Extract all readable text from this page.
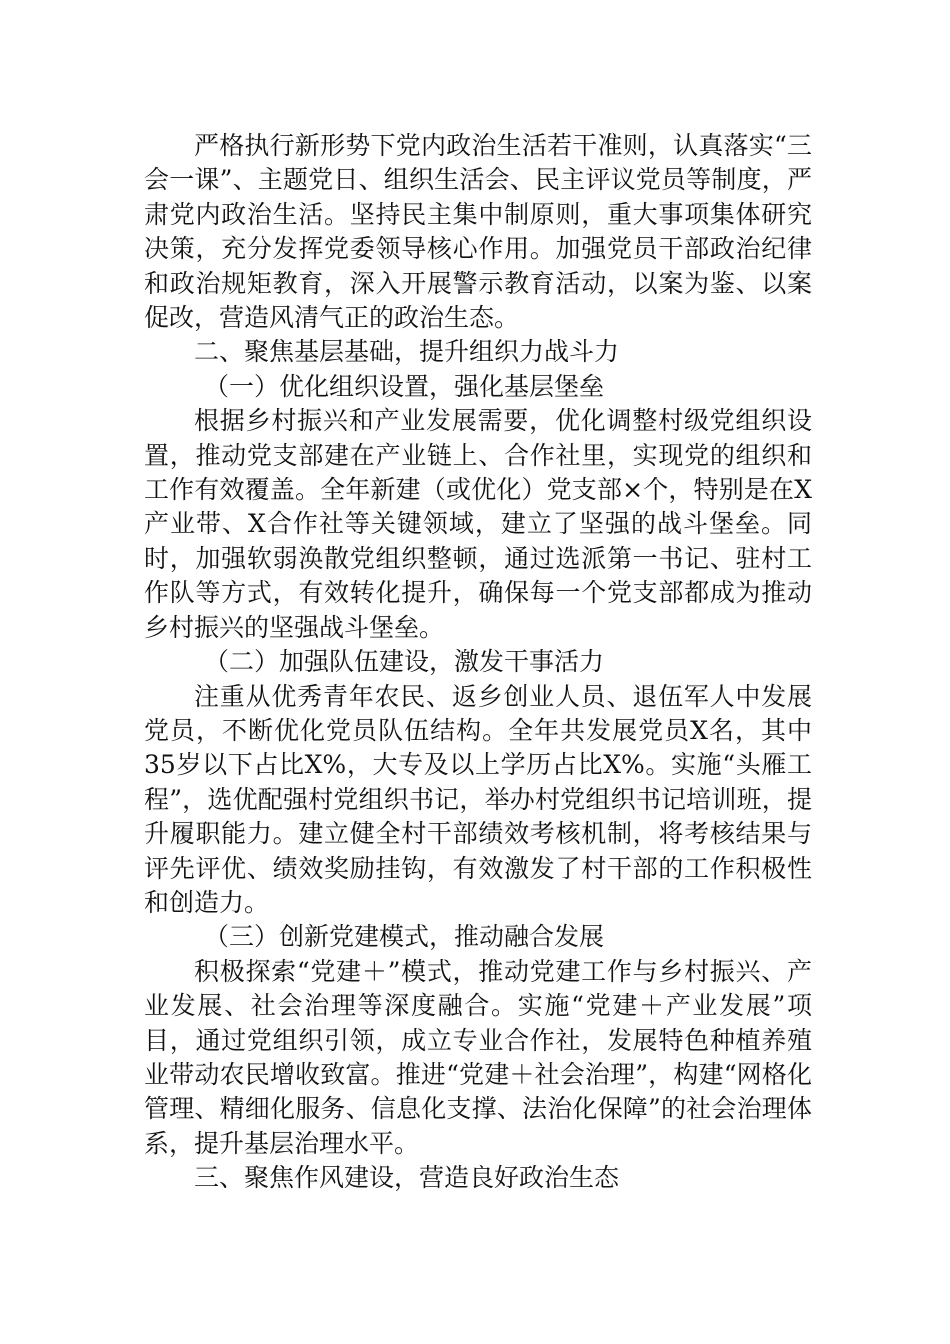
严格执行新形势下党内政治生活若干准则，认真落实“三会一课”、主题党日、组织生活会、民主评议党员等制度，严肃党内政治生活。坚持民主集中制原则，重大事项集体研究决策，充分发挥党委领导核心作用。加强党员干部政治纪律和政治规矩教育，深入开展警示教育活动，以案为鉴、以案促改，营造风清气正的政治生态。

二、聚焦基层基础，提升组织力战斗力

（一）优化组织设置，强化基层堡垒

根据乡村振兴和产业发展需要，优化调整村级党组织设置，推动党支部建在产业链上、合作社里，实现党的组织和工作有效覆盖。全年新建（或优化）党支部×个，特别是在X产业带、X合作社等关键领域，建立了坚强的战斗堡垒。同时，加强软弱涣散党组织整顿，通过选派第一书记、驻村工作队等方式，有效转化提升，确保每一个党支部都成为推动乡村振兴的坚强战斗堡垒。

（二）加强队伍建设，激发干事活力

注重从优秀青年农民、返乡创业人员、退伍军人中发展党员，不断优化党员队伍结构。全年共发展党员X名，其中35岁以下占比X%，大专及以上学历占比X%。实施“头雁工程”，选优配强村党组织书记，举办村党组织书记培训班，提升履职能力。建立健全村干部绩效考核机制，将考核结果与评先评优、绩效奖励挂钩，有效激发了村干部的工作积极性和创造力。

（三）创新党建模式，推动融合发展

积极探索“党建＋”模式，推动党建工作与乡村振兴、产业发展、社会治理等深度融合。实施“党建＋产业发展”项目，通过党组织引领，成立专业合作社，发展特色种植养殖业带动农民增收致富。推进“党建＋社会治理”，构建“网格化管理、精细化服务、信息化支撑、法治化保障”的社会治理体系，提升基层治理水平。

三、聚焦作风建设，营造良好政治生态
